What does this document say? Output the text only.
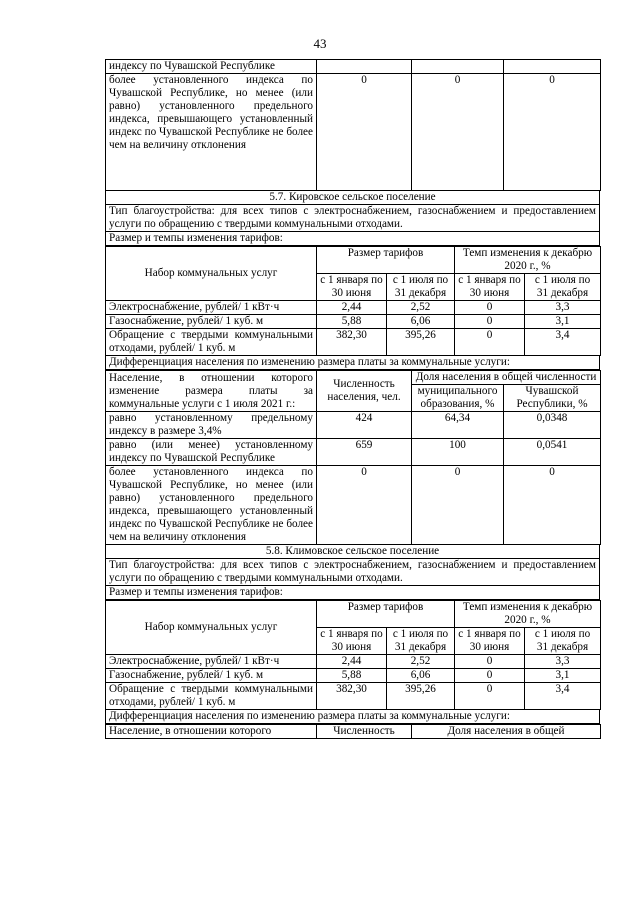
43
индексу по Чувашской Республике			
более установленного индекса по Чувашской Республике, но менее (или равно) установленного предельного индекса, превышающего установленный индекс по Чувашской Республике не более чем на величину отклонения	0	0	0
5.7. Кировское сельское поселение
Тип благоустройства: для всех типов с электроснабжением, газоснабжением и предоставлением услуги по обращению с твердыми коммунальными отходами.
Размер и темпы изменения тарифов:
Набор коммунальных услуг	Размер тарифов		Темп изменения к декабрю 2020 г., %	
	с 1 января по 30 июня	с 1 июля по 31 декабря	с 1 января по 30 июня	с 1 июля по 31 декабря
Электроснабжение, рублей/ 1 кВт·ч	2,44	2,52	0	3,3
Газоснабжение, рублей/ 1 куб. м	5,88	6,06	0	3,1
Обращение с твердыми коммунальными отходами, рублей/ 1 куб. м	382,30	395,26	0	3,4
Дифференциация населения по изменению размера платы за коммунальные услуги:
Население, в отношении которого изменение размера платы за коммунальные услуги с 1 июля 2021 г.:	Численность населения, чел.	Доля населения в общей численности	
		муниципального образования, %	Чувашской Республики, %
равно установленному предельному индексу в размере 3,4%	424	64,34	0,0348
равно (или менее) установленному индексу по Чувашской Республике	659	100	0,0541
более установленного индекса по Чувашской Республике, но менее (или равно) установленного предельного индекса, превышающего установленный индекс по Чувашской Республике не более чем на величину отклонения	0	0	0
5.8. Климовское сельское поселение
Тип благоустройства: для всех типов с электроснабжением, газоснабжением и предоставлением услуги по обращению с твердыми коммунальными отходами.
Размер и темпы изменения тарифов:
Набор коммунальных услуг	Размер тарифов		Темп изменения к декабрю 2020 г., %	
	с 1 января по 30 июня	с 1 июля по 31 декабря	с 1 января по 30 июня	с 1 июля по 31 декабря
Электроснабжение, рублей/ 1 кВт·ч	2,44	2,52	0	3,3
Газоснабжение, рублей/ 1 куб. м	5,88	6,06	0	3,1
Обращение с твердыми коммунальными отходами, рублей/ 1 куб. м	382,30	395,26	0	3,4
Дифференциация населения по изменению размера платы за коммунальные услуги:
Население, в отношении которого	Численность	Доля населения в общей
